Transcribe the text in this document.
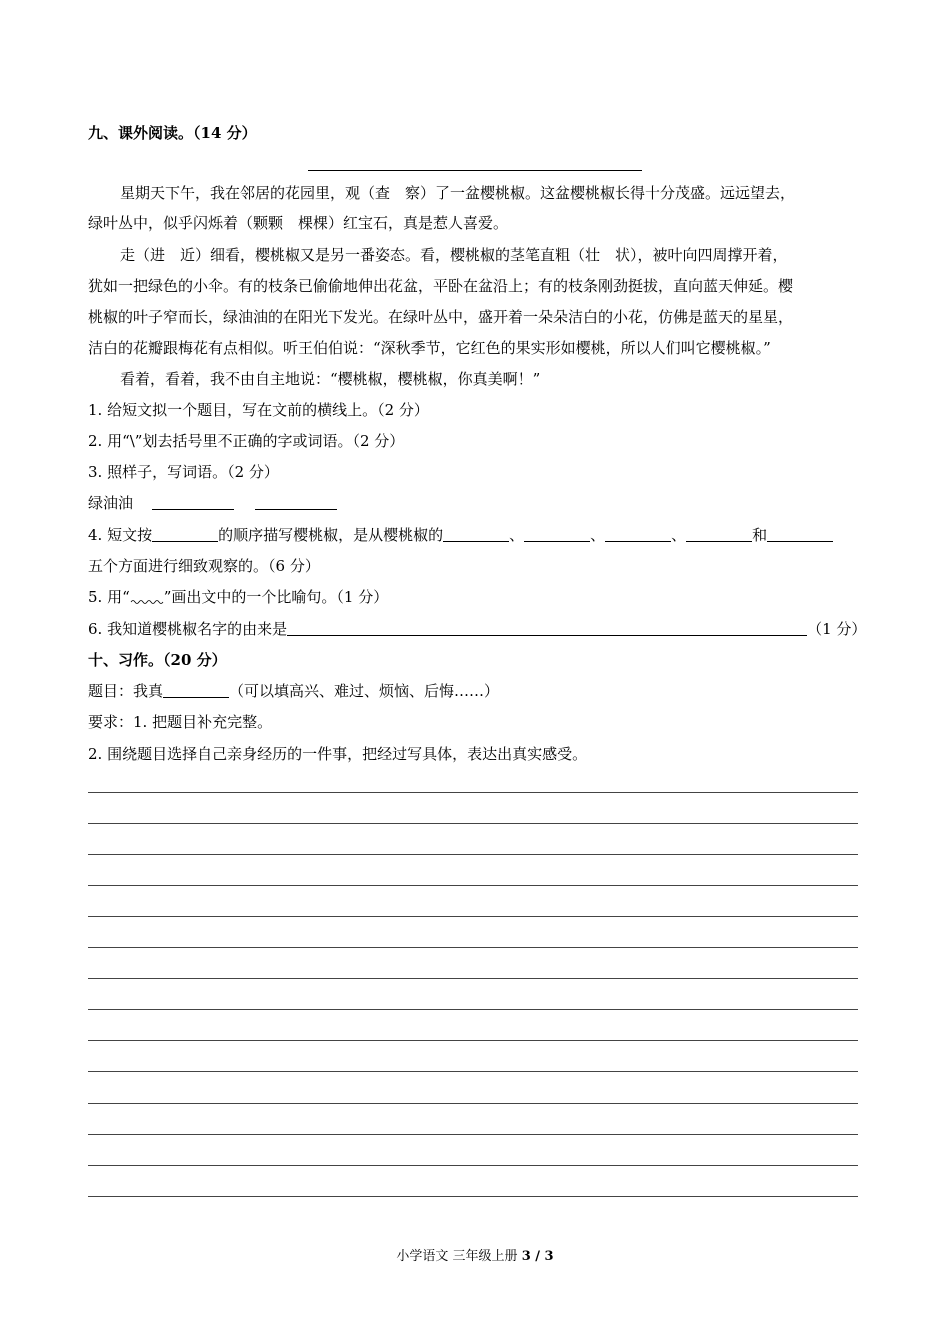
九、课外阅读。（14 分）
星期天下午，我在邻居的花园里，观（查　察）了一盆樱桃椒。这盆樱桃椒长得十分茂盛。远远望去，
绿叶丛中，似乎闪烁着（颗颗　棵棵）红宝石，真是惹人喜爱。
走（进　近）细看，樱桃椒又是另一番姿态。看，樱桃椒的茎笔直粗（壮　状），被叶向四周撑开着，
犹如一把绿色的小伞。有的枝条已偷偷地伸出花盆，平卧在盆沿上；有的枝条刚劲挺拔，直向蓝天伸延。樱
桃椒的叶子窄而长，绿油油的在阳光下发光。在绿叶丛中，盛开着一朵朵洁白的小花，仿佛是蓝天的星星，
洁白的花瓣跟梅花有点相似。听王伯伯说：“深秋季节，它红色的果实形如樱桃，所以人们叫它樱桃椒。”
看着，看着，我不由自主地说：“樱桃椒，樱桃椒，你真美啊！”
1. 给短文拟一个题目，写在文前的横线上。（2 分）
2. 用“\”划去括号里不正确的字或词语。（2 分）
3. 照样子，写词语。（2 分）
绿油油
4. 短文按	的顺序描写樱桃椒，是从樱桃椒的	、	、	、	和
五个方面进行细致观察的。（6 分）
5. 用“ ”画出文中的一个比喻句。（1 分）
6. 我知道樱桃椒名字的由来是	（1 分）
十、习作。（20 分）
题目：我真	（可以填高兴、难过、烦恼、后悔……）
要求：1. 把题目补充完整。
2. 围绕题目选择自己亲身经历的一件事，把经过写具体，表达出真实感受。
小学语文 三年级上册 3 / 3
